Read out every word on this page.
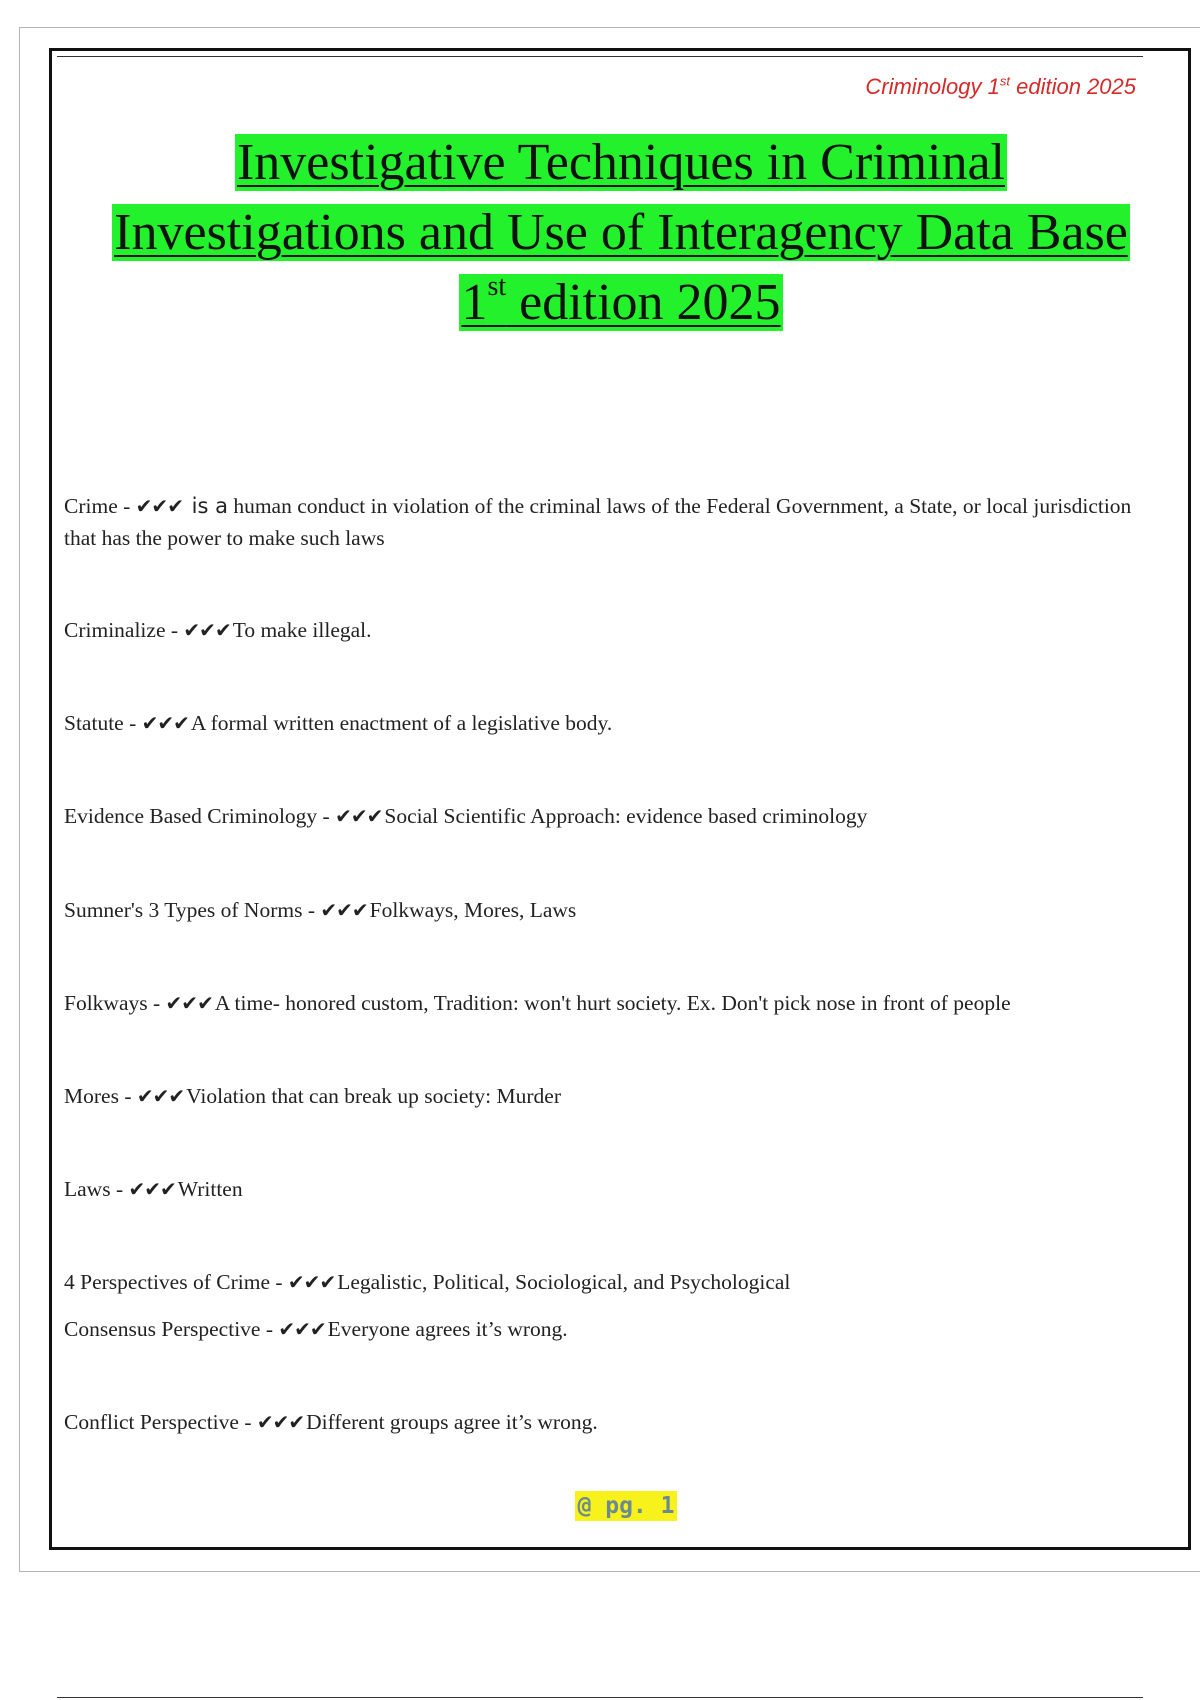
Criminology 1st edition 2025
Investigative Techniques in Criminal
Investigations and Use of Interagency Data Base
1st edition 2025

Crime - ✔✔✔ is a human conduct in violation of the criminal laws of the Federal Government, a State, or local jurisdiction that has the power to make such laws

Criminalize - ✔✔✔To make illegal.

Statute - ✔✔✔A formal written enactment of a legislative body.

Evidence Based Criminology - ✔✔✔Social Scientific Approach: evidence based criminology

Sumner's 3 Types of Norms - ✔✔✔Folkways, Mores, Laws

Folkways - ✔✔✔A time- honored custom, Tradition: won't hurt society. Ex. Don't pick nose in front of people

Mores - ✔✔✔Violation that can break up society: Murder

Laws - ✔✔✔Written

4 Perspectives of Crime - ✔✔✔Legalistic, Political, Sociological, and Psychological

Consensus Perspective - ✔✔✔Everyone agrees it’s wrong.

Conflict Perspective - ✔✔✔Different groups agree it’s wrong.

@ pg. 1
